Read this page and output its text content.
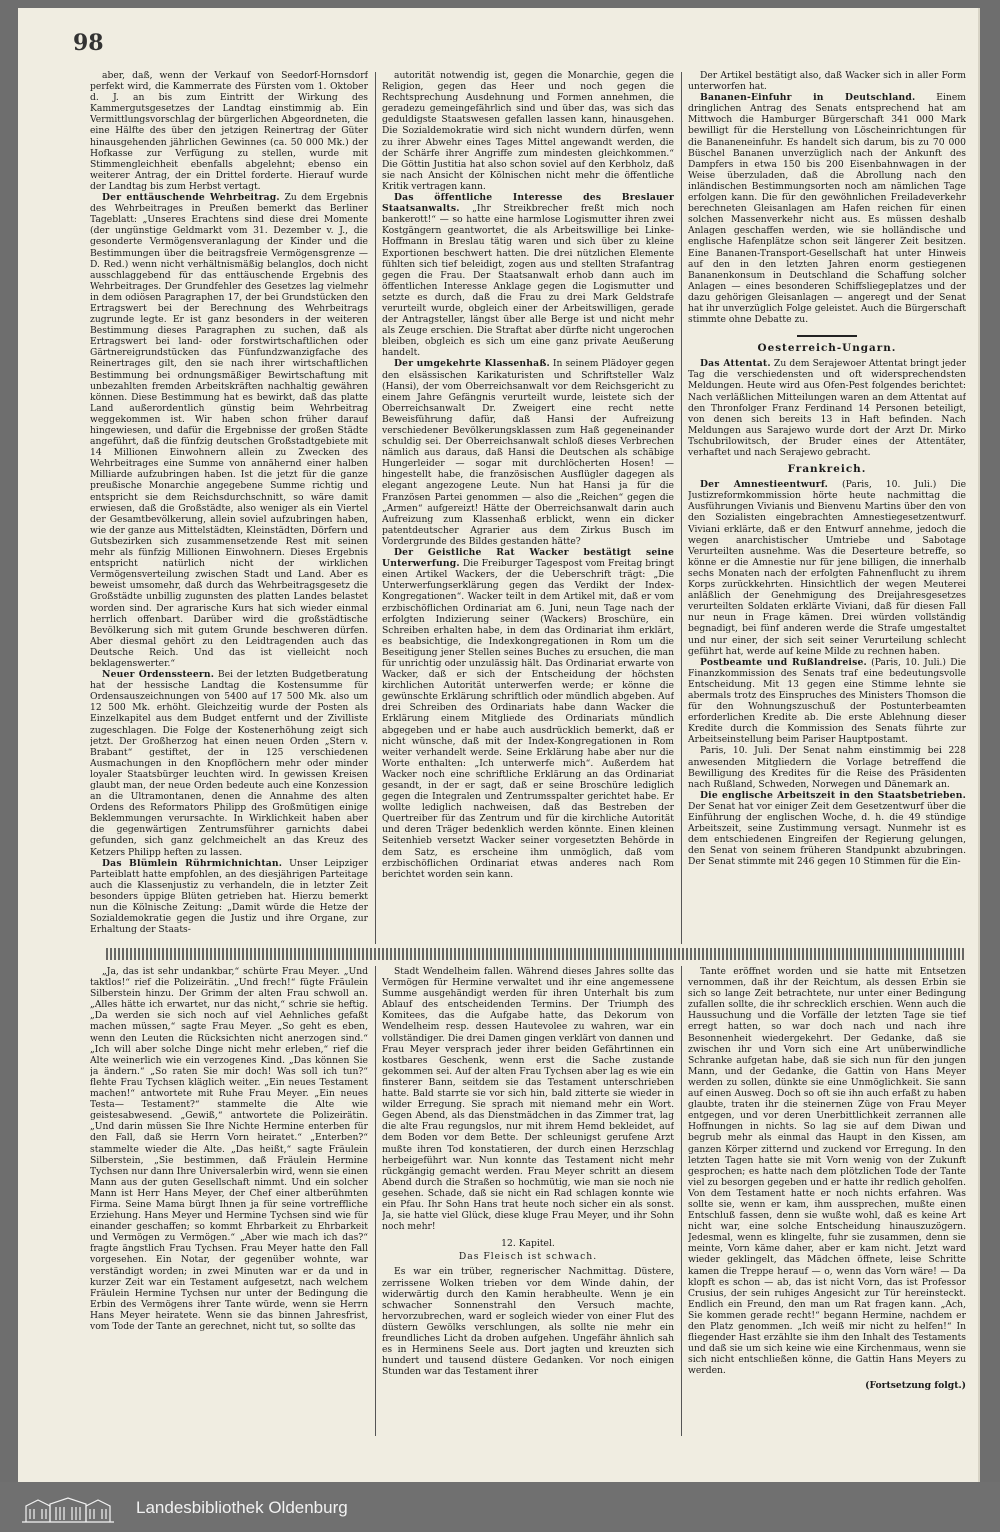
98

aber, daß, wenn der Verkauf von Seedorf-Hornsdorf perfekt wird, die Kammerrate des Fürsten vom 1. Oktober d. J. an bis zum Eintritt der Wirkung des Kammergutsgesetzes der Landtag einstimmig ab. Ein Vermittlungsvorschlag der bürgerlichen Abgeordneten, die eine Hälfte des über den jetzigen Reinertrag der Güter hinausgehenden jährlichen Gewinnes (ca. 50 000 Mk.) der Hofkasse zur Verfügung zu stellen, wurde mit Stimmengleichheit ebenfalls abgelehnt; ebenso ein weiterer Antrag, der ein Drittel forderte. Hierauf wurde der Landtag bis zum Herbst vertagt.

Der enttäuschende Wehrbeitrag. Zu dem Ergebnis des Wehrbeitrages in Preußen bemerkt das Berliner Tageblatt: „Unseres Erachtens sind diese drei Momente (der ungünstige Geldmarkt vom 31. Dezember v. J., die gesonderte Vermögensveranlagung der Kinder und die Bestimmungen über die beitragsfreie Vermögensgrenze — D. Red.) wenn nicht verhältnismäßig belanglos, doch nicht ausschlaggebend für das enttäuschende Ergebnis des Wehrbeitrages. Der Grundfehler des Gesetzes lag vielmehr in dem odiösen Paragraphen 17, der bei Grundstücken den Ertragswert bei der Berechnung des Wehrbeitrags zugrunde legte. Er ist ganz besonders in der weiteren Bestimmung dieses Paragraphen zu suchen, daß als Ertragswert bei land- oder forstwirtschaftlichen oder Gärtnereigrundstücken das Fünfundzwanzigfache des Reinertrages gilt, den sie nach ihrer wirtschaftlichen Bestimmung bei ordnungsmäßiger Bewirtschaftung mit unbezahlten fremden Arbeitskräften nachhaltig gewähren können. Diese Bestimmung hat es bewirkt, daß das platte Land außerordentlich günstig beim Wehrbeitrag weggekommen ist. Wir haben schon früher darauf hingewiesen, und dafür die Ergebnisse der großen Städte angeführt, daß die fünfzig deutschen Großstadtgebiete mit 14 Millionen Einwohnern allein zu Zwecken des Wehrbeitrages eine Summe von annähernd einer halben Milliarde aufzubringen haben. Ist die jetzt für die ganze preußische Monarchie angegebene Summe richtig und entspricht sie dem Reichsdurchschnitt, so wäre damit erwiesen, daß die Großstädte, also weniger als ein Viertel der Gesamtbevölkerung, allein soviel aufzubringen haben, wie der ganze aus Mittelstädten, Kleinstädten, Dörfern und Gutsbezirken sich zusammensetzende Rest mit seinen mehr als fünfzig Millionen Einwohnern. Dieses Ergebnis entspricht natürlich nicht der wirklichen Vermögensverteilung zwischen Stadt und Land. Aber es beweist umsomehr, daß durch das Wehrbeitragsgesetz die Großstädte unbillig zugunsten des platten Landes belastet worden sind. Der agrarische Kurs hat sich wieder einmal herrlich offenbart. Darüber wird die großstädtische Bevölkerung sich mit gutem Grunde beschweren dürfen. Aber diesmal gehört zu den Leidtragenden auch das Deutsche Reich. Und das ist vielleicht noch beklagenswerter.“

Neuer Ordenssteern. Bei der letzten Budgetberatung hat der hessische Landtag die Kostensumme für Ordensauszeichnungen von 5400 auf 17 500 Mk. also um 12 500 Mk. erhöht. Gleichzeitig wurde der Posten als Einzelkapitel aus dem Budget entfernt und der Zivilliste zugeschlagen. Die Folge der Kostenerhöhung zeigt sich jetzt. Der Großherzog hat einen neuen Orden „Stern v. Brabant“ gestiftet, der in 125 verschiedenen Ausmachungen in den Knopflöchern mehr oder minder loyaler Staatsbürger leuchten wird. In gewissen Kreisen glaubt man, der neue Orden bedeute auch eine Konzession an die Ultramontanen, denen die Annahme des alten Ordens des Reformators Philipp des Großmütigen einige Beklemmungen verursachte. In Wirklichkeit haben aber die gegenwärtigen Zentrumsführer garnichts dabei gefunden, sich ganz gelchmeichelt an das Kreuz des Ketzers Philipp heften zu lassen.

Das Blümlein Rührmichnichtan. Unser Leipziger Parteiblatt hatte empfohlen, an des diesjährigen Parteitage auch die Klassenjustiz zu verhandeln, die in letzter Zeit besonders üppige Blüten getrieben hat. Hierzu bemerkt nun die Kölnische Zeitung: „Damit würde die Hetze der Sozialdemokratie gegen die Justiz und ihre Organe, zur Erhaltung der Staats-

autorität notwendig ist, gegen die Monarchie, gegen die Religion, gegen das Heer und noch gegen die Rechtsprechung Ausdehnung und Formen annehmen, die geradezu gemeingefährlich sind und über das, was sich das geduldigste Staatswesen gefallen lassen kann, hinausgehen. Die Sozialdemokratie wird sich nicht wundern dürfen, wenn zu ihrer Abwehr eines Tages Mittel angewandt werden, die der Schärfe ihrer Angriffe zum mindesten gleichkommen.“ Die Göttin Justitia hat also schon soviel auf den Kerbholz, daß sie nach Ansicht der Kölnischen nicht mehr die öffentliche Kritik vertragen kann.

Das öffentliche Interesse des Breslauer Staatsanwalts. „Ihr Streikbrecher freßt mich noch bankerott!“ — so hatte eine harmlose Logismutter ihren zwei Kostgängern geantwortet, die als Arbeitswillige bei Linke-Hoffmann in Breslau tätig waren und sich über zu kleine Exportionen beschwert hatten. Die drei nützlichen Elemente fühlten sich tief beleidigt, zogen aus und stellten Strafantrag gegen die Frau. Der Staatsanwalt erhob dann auch im öffentlichen Interesse Anklage gegen die Logismutter und setzte es durch, daß die Frau zu drei Mark Geldstrafe verurteilt wurde, obgleich einer der Arbeitswilligen, gerade der Antragsteller, längst über alle Berge ist und nicht mehr als Zeuge erschien. Die Straftat aber dürfte nicht ungerochen bleiben, obgleich es sich um eine ganz private Aeußerung handelt.

Der umgekehrte Klassenhaß. In seinem Plädoyer gegen den elsässischen Karikaturisten und Schriftsteller Walz (Hansi), der vom Oberreichsanwalt vor dem Reichsgericht zu einem Jahre Gefängnis verurteilt wurde, leistete sich der Oberreichsanwalt Dr. Zweigert eine recht nette Beweisführung dafür, daß Hansi der Aufreizung verschiedener Bevölkerungsklassen zum Haß gegeneinander schuldig sei. Der Oberreichsanwalt schloß dieses Verbrechen nämlich aus daraus, daß Hansi die Deutschen als schäbige Hungerleider — sogar mit durchlöcherten Hosen! — hingestellt habe, die französischen Ausflügler dagegen als elegant angezogene Leute. Nun hat Hansi ja für die Französen Partei genommen — also die „Reichen“ gegen die „Armen“ aufgereizt! Hätte der Oberreichsanwalt darin auch Aufreizung zum Klassenhaß erblickt, wenn ein dicker patentdeutscher Agrarier aus dem Zirkus Busch im Vordergrunde des Bildes gestanden hätte?

Der Geistliche Rat Wacker bestätigt seine Unterwerfung. Die Freiburger Tagespost vom Freitag bringt einen Artikel Wackers, der die Ueberschrift trägt: „Die Unterwerfungserklärung gegen das Verdikt der Index-Kongregationen“. Wacker teilt in dem Artikel mit, daß er vom erzbischöflichen Ordinariat am 6. Juni, neun Tage nach der erfolgten Indizierung seiner (Wackers) Broschüre, ein Schreiben erhalten habe, in dem das Ordinariat ihm erklärt, es beabsichtige, die Indexkongregationen in Rom um die Beseitigung jener Stellen seines Buches zu ersuchen, die man für unrichtig oder unzulässig hält. Das Ordinariat erwarte von Wacker, daß er sich der Entscheidung der höchsten kirchlichen Autorität unterwerfen werde; er könne die gewünschte Erklärung schriftlich oder mündlich abgeben. Auf drei Schreiben des Ordinariats habe dann Wacker die Erklärung einem Mitgliede des Ordinariats mündlich abgegeben und er habe auch ausdrücklich bemerkt, daß er nicht wünsche, daß mit der Index-Kongregationen in Rom weiter verhandelt werde. Seine Erklärung habe aber nur die Worte enthalten: „Ich unterwerfe mich“. Außerdem hat Wacker noch eine schriftliche Erklärung an das Ordinariat gesandt, in der er sagt, daß er seine Broschüre lediglich gegen die Integralen und Zentrumsspalter gerichtet habe. Er wollte lediglich nachweisen, daß das Bestreben der Quertreiber für das Zentrum und für die kirchliche Autorität und deren Träger bedenklich werden könnte. Einen kleinen Seitenhieb versetzt Wacker seiner vorgesetzten Behörde in dem Satz, es erscheine ihm unmöglich, daß vom erzbischöflichen Ordinariat etwas anderes nach Rom berichtet worden sein kann.

Der Artikel bestätigt also, daß Wacker sich in aller Form unterworfen hat.

Bananen-Einfuhr in Deutschland. Einem dringlichen Antrag des Senats entsprechend hat am Mittwoch die Hamburger Bürgerschaft 341 000 Mark bewilligt für die Herstellung von Löscheinrichtungen für die Bananeneinfuhr. Es handelt sich darum, bis zu 70 000 Büschel Bananen unverzüglich nach der Ankunft des Dampfers in etwa 150 bis 200 Eisenbahnwagen in der Weise überzuladen, daß die Abrollung nach den inländischen Bestimmungsorten noch am nämlichen Tage erfolgen kann. Die für den gewöhnlichen Freiladeverkehr berechneten Gleisanlagen am Hafen reichen für einen solchen Massenverkehr nicht aus. Es müssen deshalb Anlagen geschaffen werden, wie sie holländische und englische Hafenplätze schon seit längerer Zeit besitzen. Eine Bananen-Transport-Gesellschaft hat unter Hinweis auf den in den letzten Jahren enorm gestiegenen Bananenkonsum in Deutschland die Schaffung solcher Anlagen — eines besonderen Schiffsliegeplatzes und der dazu gehörigen Gleisanlagen — angeregt und der Senat hat ihr unverzüglich Folge geleistet. Auch die Bürgerschaft stimmte ohne Debatte zu.

Oesterreich-Ungarn.

Das Attentat. Zu dem Serajewoer Attentat bringt jeder Tag die verschiedensten und oft widersprechendsten Meldungen. Heute wird aus Ofen-Pest folgendes berichtet: Nach verläßlichen Mitteilungen waren an dem Attentat auf den Thronfolger Franz Ferdinand 14 Personen beteiligt, von denen sich bereits 13 in Haft befinden. Nach Meldungen aus Sarajewo wurde dort der Arzt Dr. Mirko Tschubrilowitsch, der Bruder eines der Attentäter, verhaftet und nach Serajewo gebracht.

Frankreich.

Der Amnestieentwurf. (Paris, 10. Juli.) Die Justizreformkommission hörte heute nachmittag die Ausführungen Vivianis und Bienvenu Martins über den von den Sozialisten eingebrachten Amnestiegesetzentwurf. Viviani erklärte, daß er den Entwurf annehme, jedoch die wegen anarchistischer Umtriebe und Sabotage Verurteilten ausnehme. Was die Deserteure betreffe, so könne er die Amnestie nur für jene billigen, die innerhalb sechs Monaten nach der erfolgten Fahnenflucht zu ihrem Korps zurückkehrten. Hinsichtlich der wegen Meuterei anläßlich der Genehmigung des Dreijahresgesetzes verurteilten Soldaten erklärte Viviani, daß für diesen Fall nur neun in Frage kämen. Drei würden vollständig begnadigt, bei fünf anderen werde die Strafe umgestaltet und nur einer, der sich seit seiner Verurteilung schlecht geführt hat, werde auf keine Milde zu rechnen haben.

Postbeamte und Rußlandreise. (Paris, 10. Juli.) Die Finanzkommission des Senats traf eine bedeutungsvolle Entscheidung. Mit 13 gegen eine Stimme lehnte sie abermals trotz des Einspruches des Ministers Thomson die für den Wohnungszuschuß der Postunterbeamten erforderlichen Kredite ab. Die erste Ablehnung dieser Kredite durch die Kommission des Senats führte zur Arbeitseinstellung beim Pariser Hauptpostamt.

Paris, 10. Juli. Der Senat nahm einstimmig bei 228 anwesenden Mitgliedern die Vorlage betreffend die Bewilligung des Kredites für die Reise des Präsidenten nach Rußland, Schweden, Norwegen und Dänemark an.

Die englische Arbeitszeit in den Staatsbetrieben. Der Senat hat vor einiger Zeit dem Gesetzentwurf über die Einführung der englischen Woche, d. h. die 49 stündige Arbeitszeit, seine Zustimmung versagt. Nunmehr ist es dem entschiedenen Eingreifen der Regierung gelungen, den Senat von seinem früheren Standpunkt abzubringen. Der Senat stimmte mit 246 gegen 10 Stimmen für die Ein-

„Ja, das ist sehr undankbar,“ schürte Frau Meyer. „Und taktlos!“ rief die Polizeirätin. „Und frech!“ fügte Fräulein Silberstein hinzu. Der Grimm der alten Frau schwoll an. „Alles hätte ich erwartet, nur das nicht,“ schrie sie heftig. „Da werden sie sich noch auf viel Aehnliches gefaßt machen müssen,“ sagte Frau Meyer. „So geht es eben, wenn den Leuten die Rücksichten nicht anerzogen sind.“ „Ich will aber solche Dinge nicht mehr erleben,“ rief die Alte weinerlich wie ein verzogenes Kind. „Das können Sie ja ändern.“ „So raten Sie mir doch! Was soll ich tun?“ flehte Frau Tychsen kläglich weiter. „Ein neues Testament machen!“ antwortete mit Ruhe Frau Meyer. „Ein neues Testa— Testament?“ stammelte die Alte wie geistesabwesend. „Gewiß,“ antwortete die Polizeirätin. „Und darin müssen Sie Ihre Nichte Hermine enterben für den Fall, daß sie Herrn Vorn heiratet.“ „Enterben?“ stammelte wieder die Alte. „Das heißt,“ sagte Fräulein Silberstein, „Sie bestimmen, daß Fräulein Hermine Tychsen nur dann Ihre Universalerbin wird, wenn sie einen Mann aus der guten Gesellschaft nimmt. Und ein solcher Mann ist Herr Hans Meyer, der Chef einer altberühmten Firma. Seine Mama bürgt Ihnen ja für seine vortreffliche Erziehung. Hans Meyer und Hermine Tychsen sind wie für einander geschaffen; so kommt Ehrbarkeit zu Ehrbarkeit und Vermögen zu Vermögen.“ „Aber wie mach ich das?“ fragte ängstlich Frau Tychsen. Frau Meyer hatte den Fall vorgesehen. Ein Notar, der gegenüber wohnte, war verständigt worden; in zwei Minuten war er da und in kurzer Zeit war ein Testament aufgesetzt, nach welchem Fräulein Hermine Tychsen nur unter der Bedingung die Erbin des Vermögens ihrer Tante würde, wenn sie Herrn Hans Meyer heiratete. Wenn sie das binnen Jahresfrist, vom Tode der Tante an gerechnet, nicht tut, so sollte das

Stadt Wendelheim fallen. Während dieses Jahres sollte das Vermögen für Hermine verwaltet und ihr eine angemessene Summe ausgehändigt werden für ihren Unterhalt bis zum Ablauf des entscheidenden Termins. Der Triumph des Komitees, das die Aufgabe hatte, das Dekorum von Wendelheim resp. dessen Hautevolee zu wahren, war ein vollständiger. Die drei Damen gingen verklärt von dannen und Frau Meyer versprach jeder ihrer beiden Gefährtinnen ein kostbares Geschenk, wenn erst die Sache zustande gekommen sei. Auf der alten Frau Tychsen aber lag es wie ein finsterer Bann, seitdem sie das Testament unterschrieben hatte. Bald starrte sie vor sich hin, bald zitterte sie wieder in wilder Erregung. Sie sprach mit niemand mehr ein Wort. Gegen Abend, als das Dienstmädchen in das Zimmer trat, lag die alte Frau regungslos, nur mit ihrem Hemd bekleidet, auf dem Boden vor dem Bette. Der schleunigst gerufene Arzt mußte ihren Tod konstatieren, der durch einen Herzschlag herbeigeführt war. Nun konnte das Testament nicht mehr rückgängig gemacht werden. Frau Meyer schritt an diesem Abend durch die Straßen so hochmütig, wie man sie noch nie gesehen. Schade, daß sie nicht ein Rad schlagen konnte wie ein Pfau. Ihr Sohn Hans trat heute noch sicher ein als sonst. Ja, sie hatte viel Glück, diese kluge Frau Meyer, und ihr Sohn noch mehr!

12. Kapitel.
Das Fleisch ist schwach.

Es war ein trüber, regnerischer Nachmittag. Düstere, zerrissene Wolken trieben vor dem Winde dahin, der widerwärtig durch den Kamin herabheulte. Wenn je ein schwacher Sonnenstrahl den Versuch machte, hervorzubrechen, ward er sogleich wieder von einer Flut des düstern Gewölks verschlungen, als sollte nie mehr ein freundliches Licht da droben aufgehen. Ungefähr ähnlich sah es in Herminens Seele aus. Dort jagten und kreuzten sich hundert und tausend düstere Gedanken. Vor noch einigen Stunden war das Testament ihrer

Tante eröffnet worden und sie hatte mit Entsetzen vernommen, daß ihr der Reichtum, als dessen Erbin sie sich so lange Zeit betrachtete, nur unter einer Bedingung zufallen sollte, die ihr schrecklich erschien. Wenn auch die Haussuchung und die Vorfälle der letzten Tage sie tief erregt hatten, so war doch nach und nach ihre Besonnenheit wiedergekehrt. Der Gedanke, daß sie zwischen ihr und Vorn sich eine Art unüberwindliche Schranke aufgetan habe, daß sie sich nun für den jungen Mann, und der Gedanke, die Gattin von Hans Meyer werden zu sollen, dünkte sie eine Unmöglichkeit. Sie sann auf einen Ausweg. Doch so oft sie ihn auch erfaßt zu haben glaubte, traten ihr die steinernen Züge von Frau Meyer entgegen, und vor deren Unerbittlichkeit zerrannen alle Hoffnungen in nichts. So lag sie auf dem Diwan und begrub mehr als einmal das Haupt in den Kissen, am ganzen Körper zitternd und zuckend vor Erregung. In den letzten Tagen hatte sie mit Vorn wenig von der Zukunft gesprochen; es hatte nach dem plötzlichen Tode der Tante viel zu besorgen gegeben und er hatte ihr redlich geholfen. Von dem Testament hatte er noch nichts erfahren. Was sollte sie, wenn er kam, ihm aussprechen, mußte einen Entschluß fassen, denn sie wußte wohl, daß es keine Art nicht war, eine solche Entscheidung hinauszuzögern. Jedesmal, wenn es klingelte, fuhr sie zusammen, denn sie meinte, Vorn käme daher, aber er kam nicht. Jetzt ward wieder geklingelt, das Mädchen öffnete, leise Schritte kamen die Treppe herauf — o, wenn das Vorn wäre! — Da klopft es schon — ab, das ist nicht Vorn, das ist Professor Crusius, der sein ruhiges Angesicht zur Tür hereinsteckt. Endlich ein Freund, den man um Rat fragen kann. „Ach, Sie kommen gerade recht!“ begann Hermine, nachdem er den Platz genommen. „Ich weiß mir nicht zu helfen!“ In fliegender Hast erzählte sie ihm den Inhalt des Testaments und daß sie um sich keine wie eine Kirchenmaus, wenn sie sich nicht entschließen könne, die Gattin Hans Meyers zu werden.

(Fortsetzung folgt.)
Landesbibliothek Oldenburg
